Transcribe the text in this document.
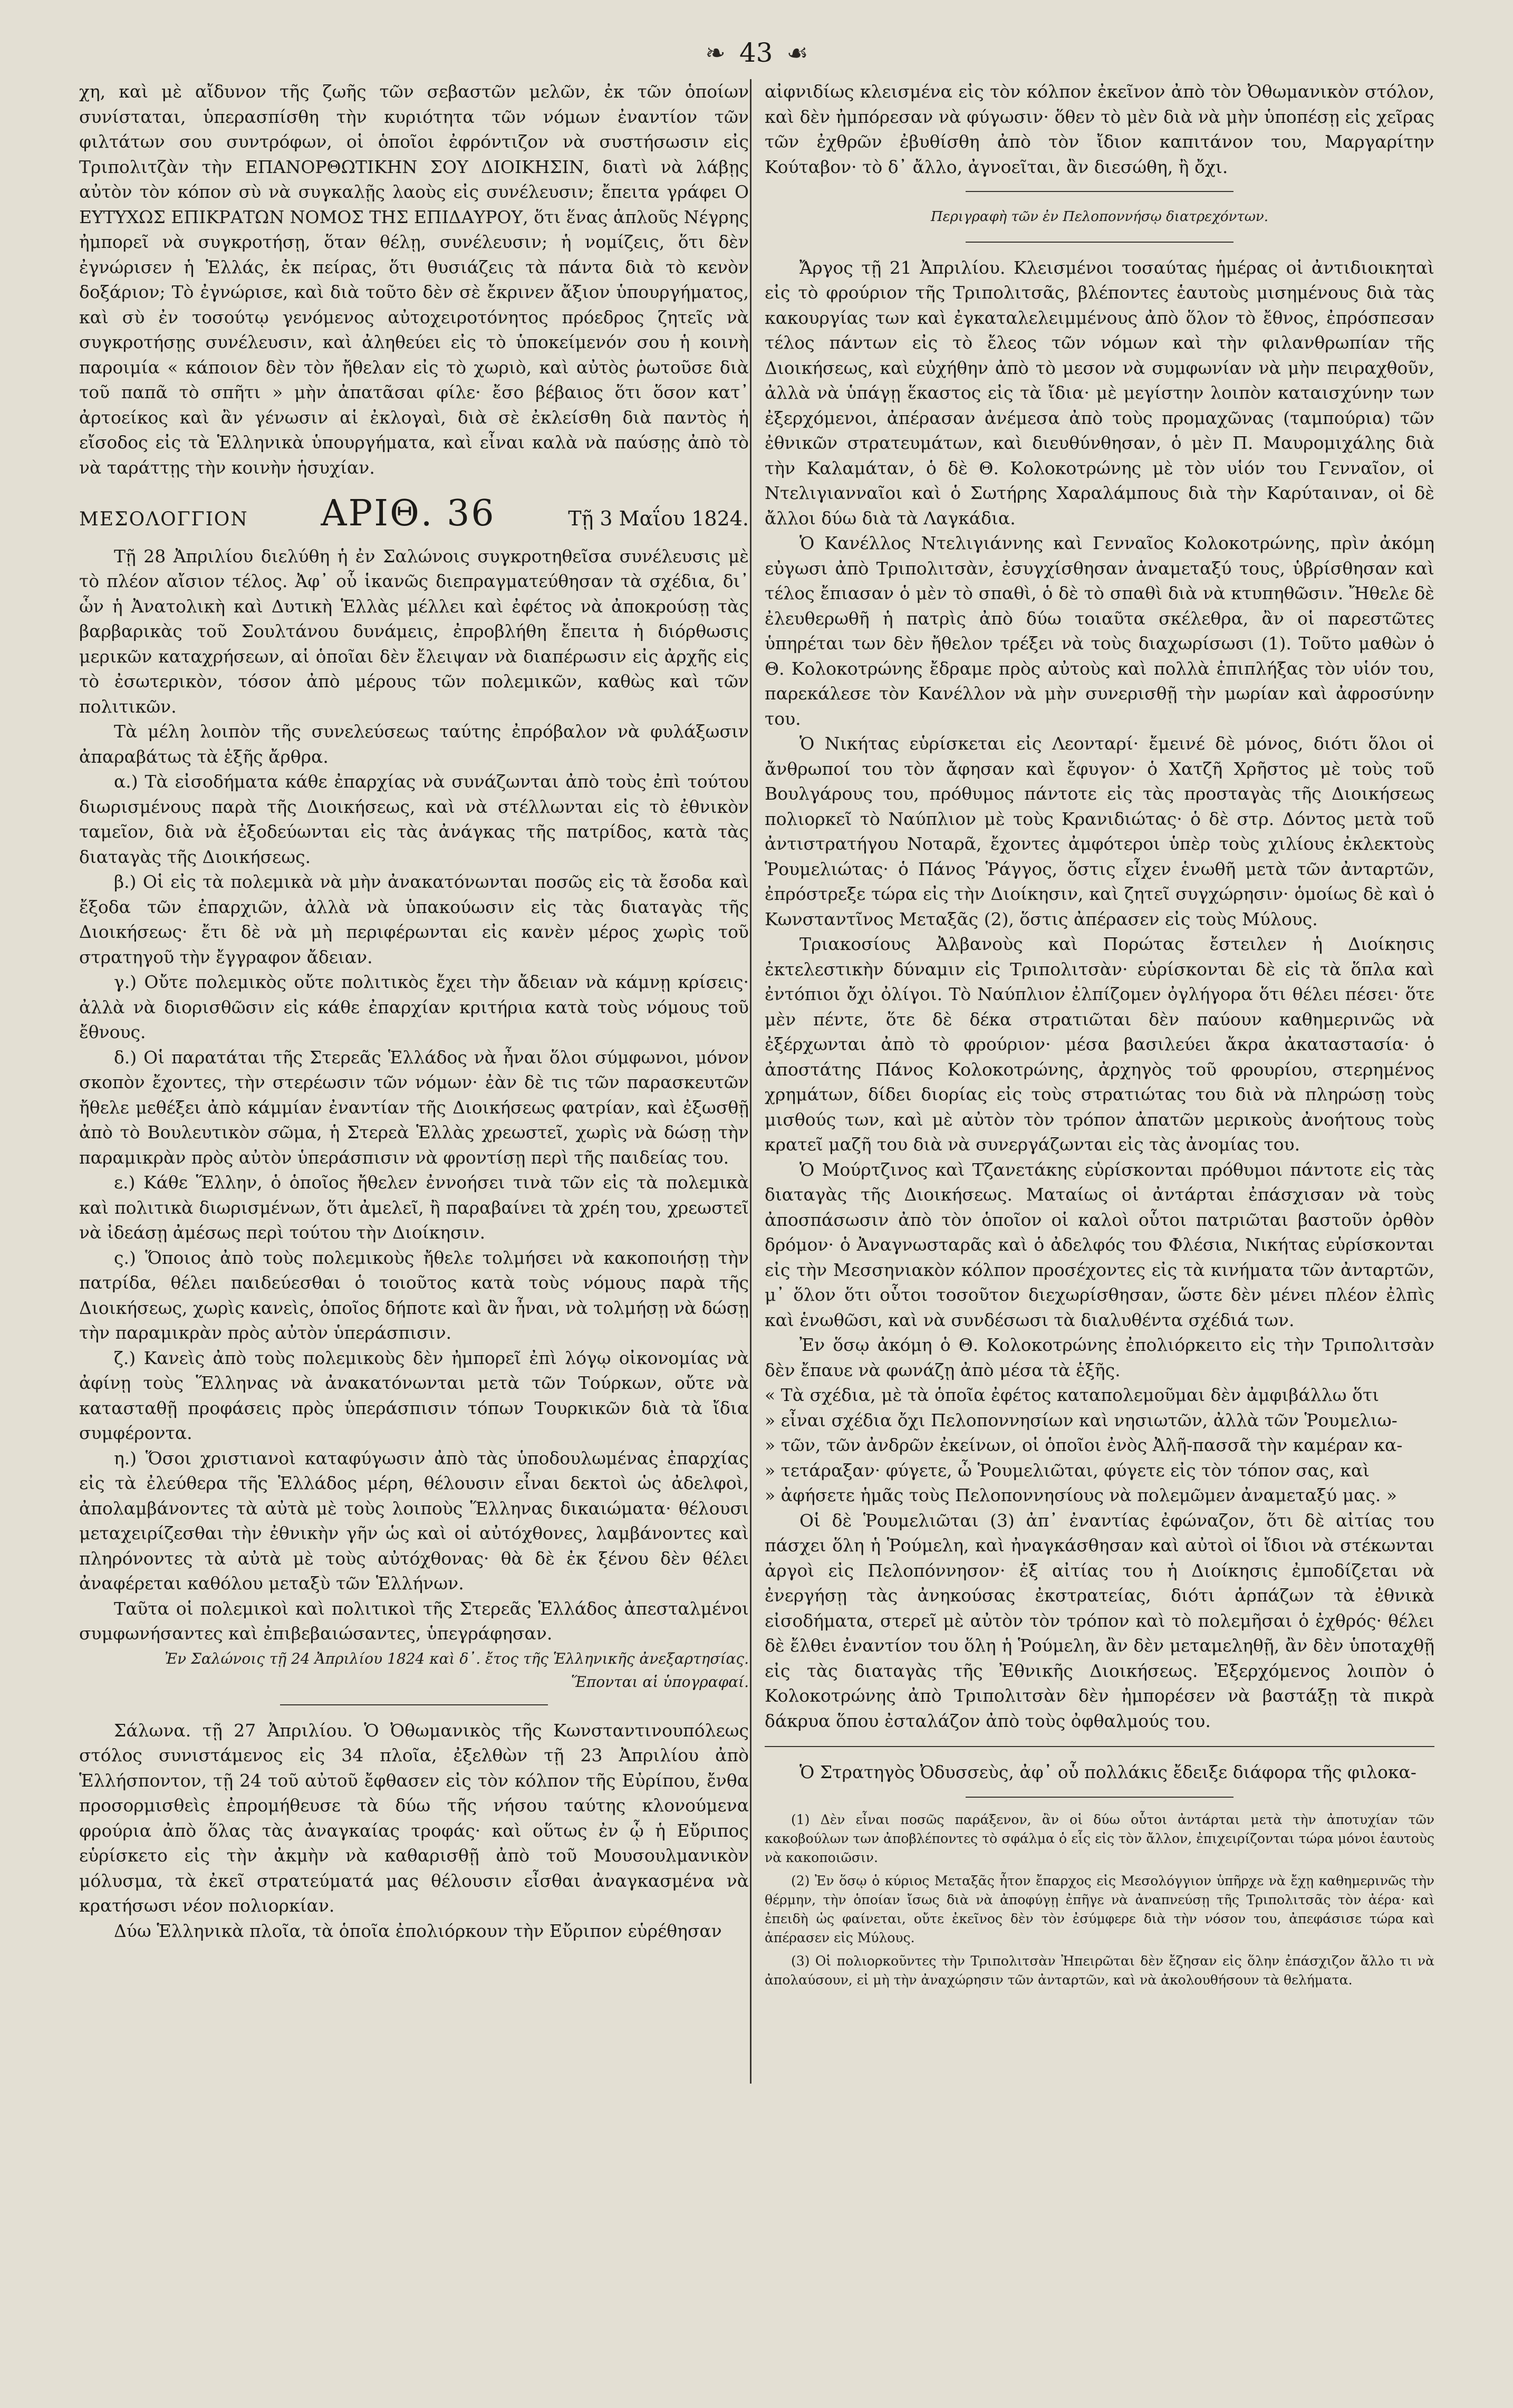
❧ 43 ☙

χη, καὶ μὲ αἴδυνον τῆς ζωῆς τῶν σεβαστῶν μελῶν, ἐκ τῶν ὁποίων συνίσταται, ὑπερασπίσθη τὴν κυριότητα τῶν νόμων ἐναντίον τῶν φιλτάτων σου συντρόφων, οἱ ὁποῖοι ἐφρόντιζον νὰ συστήσωσιν εἰς Τριπολιτζὰν τὴν ΕΠΑΝΟΡΘΩΤΙΚΗΝ ΣΟΥ ΔΙΟΙΚΗΣΙΝ, διατὶ νὰ λάβῃς αὐτὸν τὸν κόπον σὺ νὰ συγκαλῇς λαοὺς εἰς συνέλευσιν; ἔπειτα γράφει Ο ΕΥΤΥΧΩΣ ΕΠΙΚΡΑΤΩΝ ΝΟΜΟΣ ΤΗΣ ΕΠΙΔΑΥΡΟΥ, ὅτι ἕνας ἁπλοῦς Νέγρης ἠμπορεῖ νὰ συγκροτήσῃ, ὅταν θέλῃ, συνέλευσιν; ἡ νομίζεις, ὅτι δὲν ἐγνώρισεν ἡ Ἑλλάς, ἐκ πείρας, ὅτι θυσιάζεις τὰ πάντα διὰ τὸ κενὸν δοξάριον; Τὸ ἐγνώρισε, καὶ διὰ τοῦτο δὲν σὲ ἔκρινεν ἄξιον ὑπουργήματος, καὶ σὺ ἐν τοσούτῳ γενόμενος αὐτοχειροτόνητος πρόεδρος ζητεῖς νὰ συγκροτήσῃς συνέλευσιν, καὶ ἀληθεύει εἰς τὸ ὑποκείμενόν σου ἡ κοινὴ παροιμία « κάποιον δὲν τὸν ἤθελαν εἰς τὸ χωριὸ, καὶ αὐτὸς ῥωτοῦσε διὰ τοῦ παπᾶ τὸ σπῆτι » μὴν ἀπατᾶσαι φίλε· ἔσο βέβαιος ὅτι ὅσον κατ᾿ ἀρτοείκος καὶ ἂν γένωσιν αἱ ἐκλογαὶ, διὰ σὲ ἐκλείσθη διὰ παντὸς ἡ εἴσοδος εἰς τὰ Ἑλληνικὰ ὑπουργήματα, καὶ εἶναι καλὰ νὰ παύσῃς ἀπὸ τὸ νὰ ταράττῃς τὴν κοινὴν ἡσυχίαν.

ΜΕΣΟΛΟΓΓΙΟΝ ΑΡΙΘ. 36	Τῇ 3 Μαΐου 1824.

Τῇ 28 Ἀπριλίου διελύθη ἡ ἐν Σαλώνοις συγκροτηθεῖσα συνέλευσις μὲ τὸ πλέον αἴσιον τέλος. Ἀφ᾿ οὗ ἱκανῶς διεπραγματεύθησαν τὰ σχέδια, δι᾿ ὧν ἡ Ἀνατολικὴ καὶ Δυτικὴ Ἑλλὰς μέλλει καὶ ἐφέτος νὰ ἀποκρούσῃ τὰς βαρβαρικὰς τοῦ Σουλτάνου δυνάμεις, ἐπροβλήθη ἔπειτα ἡ διόρθωσις μερικῶν καταχρήσεων, αἱ ὁποῖαι δὲν ἔλειψαν νὰ διαπέρωσιν εἰς ἀρχῆς εἰς τὸ ἐσωτερικὸν, τόσον ἀπὸ μέρους τῶν πολεμικῶν, καθὼς καὶ τῶν πολιτικῶν.

Τὰ μέλη λοιπὸν τῆς συνελεύσεως ταύτης ἐπρόβαλον νὰ φυλάξωσιν ἀπαραβάτως τὰ ἑξῆς ἄρθρα.

α.) Τὰ εἰσοδήματα κάθε ἐπαρχίας νὰ συνάζωνται ἀπὸ τοὺς ἐπὶ τούτου διωρισμένους παρὰ τῆς Διοικήσεως, καὶ νὰ στέλλωνται εἰς τὸ ἐθνικὸν ταμεῖον, διὰ νὰ ἐξοδεύωνται εἰς τὰς ἀνάγκας τῆς πατρίδος, κατὰ τὰς διαταγὰς τῆς Διοικήσεως.

β.) Οἱ εἰς τὰ πολεμικὰ νὰ μὴν ἀνακατόνωνται ποσῶς εἰς τὰ ἔσοδα καὶ ἔξοδα τῶν ἐπαρχιῶν, ἀλλὰ νὰ ὑπακούωσιν εἰς τὰς διαταγὰς τῆς Διοικήσεως· ἔτι δὲ νὰ μὴ περιφέρωνται εἰς κανὲν μέρος χωρὶς τοῦ στρατηγοῦ τὴν ἔγγραφον ἄδειαν.

γ.) Οὔτε πολεμικὸς οὔτε πολιτικὸς ἔχει τὴν ἄδειαν νὰ κάμνῃ κρίσεις· ἀλλὰ νὰ διορισθῶσιν εἰς κάθε ἐπαρχίαν κριτήρια κατὰ τοὺς νόμους τοῦ ἔθνους.

δ.) Οἱ παρατάται τῆς Στερεᾶς Ἑλλάδος νὰ ἦναι ὅλοι σύμφωνοι, μόνον σκοπὸν ἔχοντες, τὴν στερέωσιν τῶν νόμων· ἐὰν δὲ τις τῶν παρασκευτῶν ἤθελε μεθέξει ἀπὸ κάμμίαν ἐναντίαν τῆς Διοικήσεως φατρίαν, καὶ ἐξωσθῇ ἀπὸ τὸ Βουλευτικὸν σῶμα, ἡ Στερεὰ Ἑλλὰς χρεωστεῖ, χωρὶς νὰ δώσῃ τὴν παραμικρὰν πρὸς αὐτὸν ὑπεράσπισιν νὰ φροντίσῃ περὶ τῆς παιδείας του.

ε.) Κάθε Ἕλλην, ὁ ὁποῖος ἤθελεν ἐννοήσει τινὰ τῶν εἰς τὰ πολεμικὰ καὶ πολιτικὰ διωρισμένων, ὅτι ἀμελεῖ, ἢ παραβαίνει τὰ χρέη του, χρεωστεῖ νὰ ἰδεάσῃ ἀμέσως περὶ τούτου τὴν Διοίκησιν.

ς.) Ὅποιος ἀπὸ τοὺς πολεμικοὺς ἤθελε τολμήσει νὰ κακοποιήσῃ τὴν πατρίδα, θέλει παιδεύεσθαι ὁ τοιοῦτος κατὰ τοὺς νόμους παρὰ τῆς Διοικήσεως, χωρὶς κανεὶς, ὁποῖος δήποτε καὶ ἂν ἦναι, νὰ τολμήσῃ νὰ δώσῃ τὴν παραμικρὰν πρὸς αὐτὸν ὑπεράσπισιν.

ζ.) Κανεὶς ἀπὸ τοὺς πολεμικοὺς δὲν ἠμπορεῖ ἐπὶ λόγῳ οἰκονομίας νὰ ἀφίνῃ τοὺς Ἕλληνας νὰ ἀνακατόνωνται μετὰ τῶν Τούρκων, οὔτε νὰ κατασταθῇ προφάσεις πρὸς ὑπεράσπισιν τόπων Τουρκικῶν διὰ τὰ ἴδια συμφέροντα.

η.) Ὅσοι χριστιανοὶ καταφύγωσιν ἀπὸ τὰς ὑποδουλωμένας ἐπαρχίας εἰς τὰ ἐλεύθερα τῆς Ἑλλάδος μέρη, θέλουσιν εἶναι δεκτοὶ ὡς ἀδελφοὶ, ἀπολαμβάνοντες τὰ αὐτὰ μὲ τοὺς λοιποὺς Ἕλληνας δικαιώματα· θέλουσι μεταχειρίζεσθαι τὴν ἐθνικὴν γῆν ὡς καὶ οἱ αὐτόχθονες, λαμβάνοντες καὶ πληρόνοντες τὰ αὐτὰ μὲ τοὺς αὐτόχθονας· θὰ δὲ ἐκ ξένου δὲν θέλει ἀναφέρεται καθόλου μεταξὺ τῶν Ἑλλήνων.

Ταῦτα οἱ πολεμικοὶ καὶ πολιτικοὶ τῆς Στερεᾶς Ἑλλάδος ἀπεσταλμένοι συμφωνήσαντες καὶ ἐπιβεβαιώσαντες, ὑπεγράφησαν.

Ἐν Σαλώνοις τῇ 24 Ἀπριλίου 1824 καὶ δ᾿. ἔτος τῆς Ἑλληνικῆς ἀνεξαρτησίας.
Ἕπονται αἱ ὑπογραφαί.

Σάλωνα. τῇ 27 Ἀπριλίου. Ὁ Ὀθωμανικὸς τῆς Κωνσταντινουπόλεως στόλος συνιστάμενος εἰς 34 πλοῖα, ἐξελθὼν τῇ 23 Ἀπριλίου ἀπὸ Ἑλλήσποντον, τῇ 24 τοῦ αὐτοῦ ἔφθασεν εἰς τὸν κόλπον τῆς Εὐρίπου, ἔνθα προσορμισθεὶς ἐπρομήθευσε τὰ δύω τῆς νήσου ταύτης κλονούμενα φρούρια ἀπὸ ὅλας τὰς ἀναγκαίας τροφάς· καὶ οὕτως ἐν ᾧ ἡ Εὔριπος εὑρίσκετο εἰς τὴν ἀκμὴν νὰ καθαρισθῇ ἀπὸ τοῦ Μουσουλμανικὸν μόλυσμα, τὰ ἐκεῖ στρατεύματά μας θέλουσιν εἶσθαι ἀναγκασμένα νὰ κρατήσωσι νέον πολιορκίαν.

Δύω Ἑλληνικὰ πλοῖα, τὰ ὁποῖα ἐπολιόρκουν τὴν Εὔριπον εὑρέθησαν

αἰφνιδίως κλεισμένα εἰς τὸν κόλπον ἐκεῖνον ἀπὸ τὸν Ὀθωμανικὸν στόλον, καὶ δὲν ἠμπόρεσαν νὰ φύγωσιν· ὅθεν τὸ μὲν διὰ νὰ μὴν ὑποπέσῃ εἰς χεῖρας τῶν ἐχθρῶν ἐβυθίσθη ἀπὸ τὸν ἴδιον καπιτάνον του, Μαργαρίτην Κούταβον· τὸ δ᾿ ἄλλο, ἀγνοεῖται, ἂν διεσώθη, ἢ ὄχι.

Περιγραφὴ τῶν ἐν Πελοποννήσῳ διατρεχόντων.

Ἄργος τῇ 21 Ἀπριλίου. Κλεισμένοι τοσαύτας ἡμέρας οἱ ἀντιδιοικηταὶ εἰς τὸ φρούριον τῆς Τριπολιτσᾶς, βλέποντες ἑαυτοὺς μισημένους διὰ τὰς κακουργίας των καὶ ἐγκαταλελειμμένους ἀπὸ ὅλον τὸ ἔθνος, ἐπρόσπεσαν τέλος πάντων εἰς τὸ ἔλεος τῶν νόμων καὶ τὴν φιλανθρωπίαν τῆς Διοικήσεως, καὶ εὐχήθην ἀπὸ τὸ μεσον νὰ συμφωνίαν νὰ μὴν πειραχθοῦν, ἀλλὰ νὰ ὑπάγῃ ἕκαστος εἰς τὰ ἴδια· μὲ μεγίστην λοιπὸν καταισχύνην των ἐξερχόμενοι, ἀπέρασαν ἀνέμεσα ἀπὸ τοὺς προμαχῶνας (ταμπούρια) τῶν ἐθνικῶν στρατευμάτων, καὶ διευθύνθησαν, ὁ μὲν Π. Μαυρομιχάλης διὰ τὴν Καλαμάταν, ὁ δὲ Θ. Κολοκοτρώνης μὲ τὸν υἱόν του Γενναῖον, οἱ Ντελιγιανναῖοι καὶ ὁ Σωτήρης Χαραλάμπους διὰ τὴν Καρύταιναν, οἱ δὲ ἄλλοι δύω διὰ τὰ Λαγκάδια.

Ὁ Κανέλλος Ντελιγιάννης καὶ Γενναῖος Κολοκοτρώνης, πρὶν ἀκόμη εὐγωσι ἀπὸ Τριπολιτσὰν, ἐσυγχίσθησαν ἀναμεταξύ τους, ὑβρίσθησαν καὶ τέλος ἔπιασαν ὁ μὲν τὸ σπαθὶ, ὁ δὲ τὸ σπαθὶ διὰ νὰ κτυπηθῶσιν. Ἤθελε δὲ ἐλευθερωθῆ ἡ πατρὶς ἀπὸ δύω τοιαῦτα σκέλεθρα, ἂν οἱ παρεστῶτες ὑπηρέται των δὲν ἤθελον τρέξει νὰ τοὺς διαχωρίσωσι (1). Τοῦτο μαθὼν ὁ Θ. Κολοκοτρώνης ἔδραμε πρὸς αὐτοὺς καὶ πολλὰ ἐπιπλήξας τὸν υἱόν του, παρεκάλεσε τὸν Κανέλλον νὰ μὴν συνερισθῇ τὴν μωρίαν καὶ ἀφροσύνην του.

Ὁ Νικήτας εὑρίσκεται εἰς Λεονταρί· ἔμεινέ δὲ μόνος, διότι ὅλοι οἱ ἄνθρωποί του τὸν ἄφησαν καὶ ἔφυγον· ὁ Χατζῆ Χρῆστος μὲ τοὺς τοῦ Βουλγάρους του, πρόθυμος πάντοτε εἰς τὰς προσταγὰς τῆς Διοικήσεως πολιορκεῖ τὸ Ναύπλιον μὲ τοὺς Κρανιδιώτας· ὁ δὲ στρ. Δόντος μετὰ τοῦ ἀντιστρατήγου Νοταρᾶ, ἔχοντες ἀμφότεροι ὑπὲρ τοὺς χιλίους ἐκλεκτοὺς Ῥουμελιώτας· ὁ Πάνος Ῥάγγος, ὅστις εἶχεν ἑνωθῆ μετὰ τῶν ἀνταρτῶν, ἐπρόστρεξε τώρα εἰς τὴν Διοίκησιν, καὶ ζητεῖ συγχώρησιν· ὁμοίως δὲ καὶ ὁ Κωνσταντῖνος Μεταξᾶς (2), ὅστις ἀπέρασεν εἰς τοὺς Μύλους.

Τριακοσίους Ἀλβανοὺς καὶ Πορώτας ἔστειλεν ἡ Διοίκησις ἐκτελεστικὴν δύναμιν εἰς Τριπολιτσὰν· εὑρίσκονται δὲ εἰς τὰ ὅπλα καὶ ἐντόπιοι ὄχι ὀλίγοι. Τὸ Ναύπλιον ἐλπίζομεν ὀγλήγορα ὅτι θέλει πέσει· ὅτε μὲν πέντε, ὅτε δὲ δέκα στρατιῶται δὲν παύουν καθημερινῶς νὰ ἐξέρχωνται ἀπὸ τὸ φρούριον· μέσα βασιλεύει ἄκρα ἀκαταστασία· ὁ ἀποστάτης Πάνος Κολοκοτρώνης, ἀρχηγὸς τοῦ φρουρίου, στερημένος χρημάτων, δίδει διορίας εἰς τοὺς στρατιώτας του διὰ νὰ πληρώσῃ τοὺς μισθούς των, καὶ μὲ αὐτὸν τὸν τρόπον ἀπατῶν μερικοὺς ἀνοήτους τοὺς κρατεῖ μαζῆ του διὰ νὰ συνεργάζωνται εἰς τὰς ἀνομίας του.

Ὁ Μούρτζινος καὶ Τζανετάκης εὑρίσκονται πρόθυμοι πάντοτε εἰς τὰς διαταγὰς τῆς Διοικήσεως. Ματαίως οἱ ἀντάρται ἐπάσχισαν νὰ τοὺς ἀποσπάσωσιν ἀπὸ τὸν ὁποῖον οἱ καλοὶ οὗτοι πατριῶται βαστοῦν ὀρθὸν δρόμον· ὁ Ἀναγνωσταρᾶς καὶ ὁ ἀδελφός του Φλέσια, Νικήτας εὑρίσκονται εἰς τὴν Μεσσηνιακὸν κόλπον προσέχοντες εἰς τὰ κινήματα τῶν ἀνταρτῶν, μ᾿ ὅλον ὅτι οὗτοι τοσοῦτον διεχωρίσθησαν, ὥστε δὲν μένει πλέον ἐλπὶς καὶ ἑνωθῶσι, καὶ νὰ συνδέσωσι τὰ διαλυθέντα σχέδιά των.

Ἐν ὅσῳ ἀκόμη ὁ Θ. Κολοκοτρώνης ἐπολιόρκειτο εἰς τὴν Τριπολιτσὰν δὲν ἔπαυε νὰ φωνάζῃ ἀπὸ μέσα τὰ ἑξῆς.

« Τὰ σχέδια, μὲ τὰ ὁποῖα ἐφέτος καταπολεμοῦμαι δὲν ἀμφιβάλλω ὅτι

» εἶναι σχέδια ὄχι Πελοποννησίων καὶ νησιωτῶν, ἀλλὰ τῶν Ῥουμελιω-

» τῶν, τῶν ἀνδρῶν ἐκείνων, οἱ ὁποῖοι ἐνὸς Ἀλῆ-πασσᾶ τὴν καμέραν κα-

» τετάραξαν· φύγετε, ὦ Ῥουμελιῶται, φύγετε εἰς τὸν τόπον σας, καὶ

» ἀφήσετε ἡμᾶς τοὺς Πελοποννησίους νὰ πολεμῶμεν ἀναμεταξύ μας. »

Οἱ δὲ Ῥουμελιῶται (3) ἀπ᾿ ἐναντίας ἐφώναζον, ὅτι δὲ αἰτίας του πάσχει ὅλη ἡ Ῥούμελη, καὶ ἠναγκάσθησαν καὶ αὐτοὶ οἱ ἴδιοι νὰ στέκωνται ἀργοὶ εἰς Πελοπόννησον· ἐξ αἰτίας του ἡ Διοίκησις ἐμποδίζεται νὰ ἐνεργήσῃ τὰς ἀνηκούσας ἐκστρατείας, διότι ἁρπάζων τὰ ἐθνικὰ εἰσοδήματα, στερεῖ μὲ αὐτὸν τὸν τρόπον καὶ τὸ πολεμῆσαι ὁ ἐχθρός· θέλει δὲ ἔλθει ἐναντίον του ὅλη ἡ Ῥούμελη, ἂν δὲν μεταμεληθῇ, ἂν δὲν ὑποταχθῇ εἰς τὰς διαταγὰς τῆς Ἐθνικῆς Διοικήσεως. Ἐξερχόμενος λοιπὸν ὁ Κολοκοτρώνης ἀπὸ Τριπολιτσὰν δὲν ἠμπορέσεν νὰ βαστάξῃ τὰ πικρὰ δάκρυα ὅπου ἐσταλάζον ἀπὸ τοὺς ὀφθαλμούς του.

Ὁ Στρατηγὸς Ὀδυσσεὺς, ἀφ᾿ οὗ πολλάκις ἔδειξε διάφορα τῆς φιλοκα-

(1) Δὲν εἶναι ποσῶς παράξενον, ἂν οἱ δύω οὗτοι ἀντάρται μετὰ τὴν ἀποτυχίαν τῶν κακοβούλων των ἀποβλέποντες τὸ σφάλμα ὁ εἷς εἰς τὸν ἄλλον, ἐπιχειρίζονται τώρα μόνοι ἑαυτοὺς νὰ κακοποιῶσιν.

(2) Ἐν ὅσῳ ὁ κύριος Μεταξᾶς ἦτον ἔπαρχος εἰς Μεσολόγγιον ὑπῆρχε νὰ ἔχῃ καθημερινῶς τὴν θέρμην, τὴν ὁποίαν ἴσως διὰ νὰ ἀποφύγῃ ἐπῆγε νὰ ἀναπνεύσῃ τῆς Τριπολιτσᾶς τὸν ἀέρα· καὶ ἐπειδὴ ὡς φαίνεται, οὔτε ἐκεῖνος δὲν τὸν ἐσύμφερε διὰ τὴν νόσον του, ἀπεφάσισε τώρα καὶ ἀπέρασεν εἰς Μύλους.

(3) Οἱ πολιορκοῦντες τὴν Τριπολιτσὰν Ἠπειρῶται δὲν ἔζησαν εἰς ὅλην ἐπάσχιζον ἄλλο τι νὰ ἀπολαύσουν, εἰ μὴ τὴν ἀναχώρησιν τῶν ἀνταρτῶν, καὶ νὰ ἀκολουθήσουν τὰ θελήματα.
